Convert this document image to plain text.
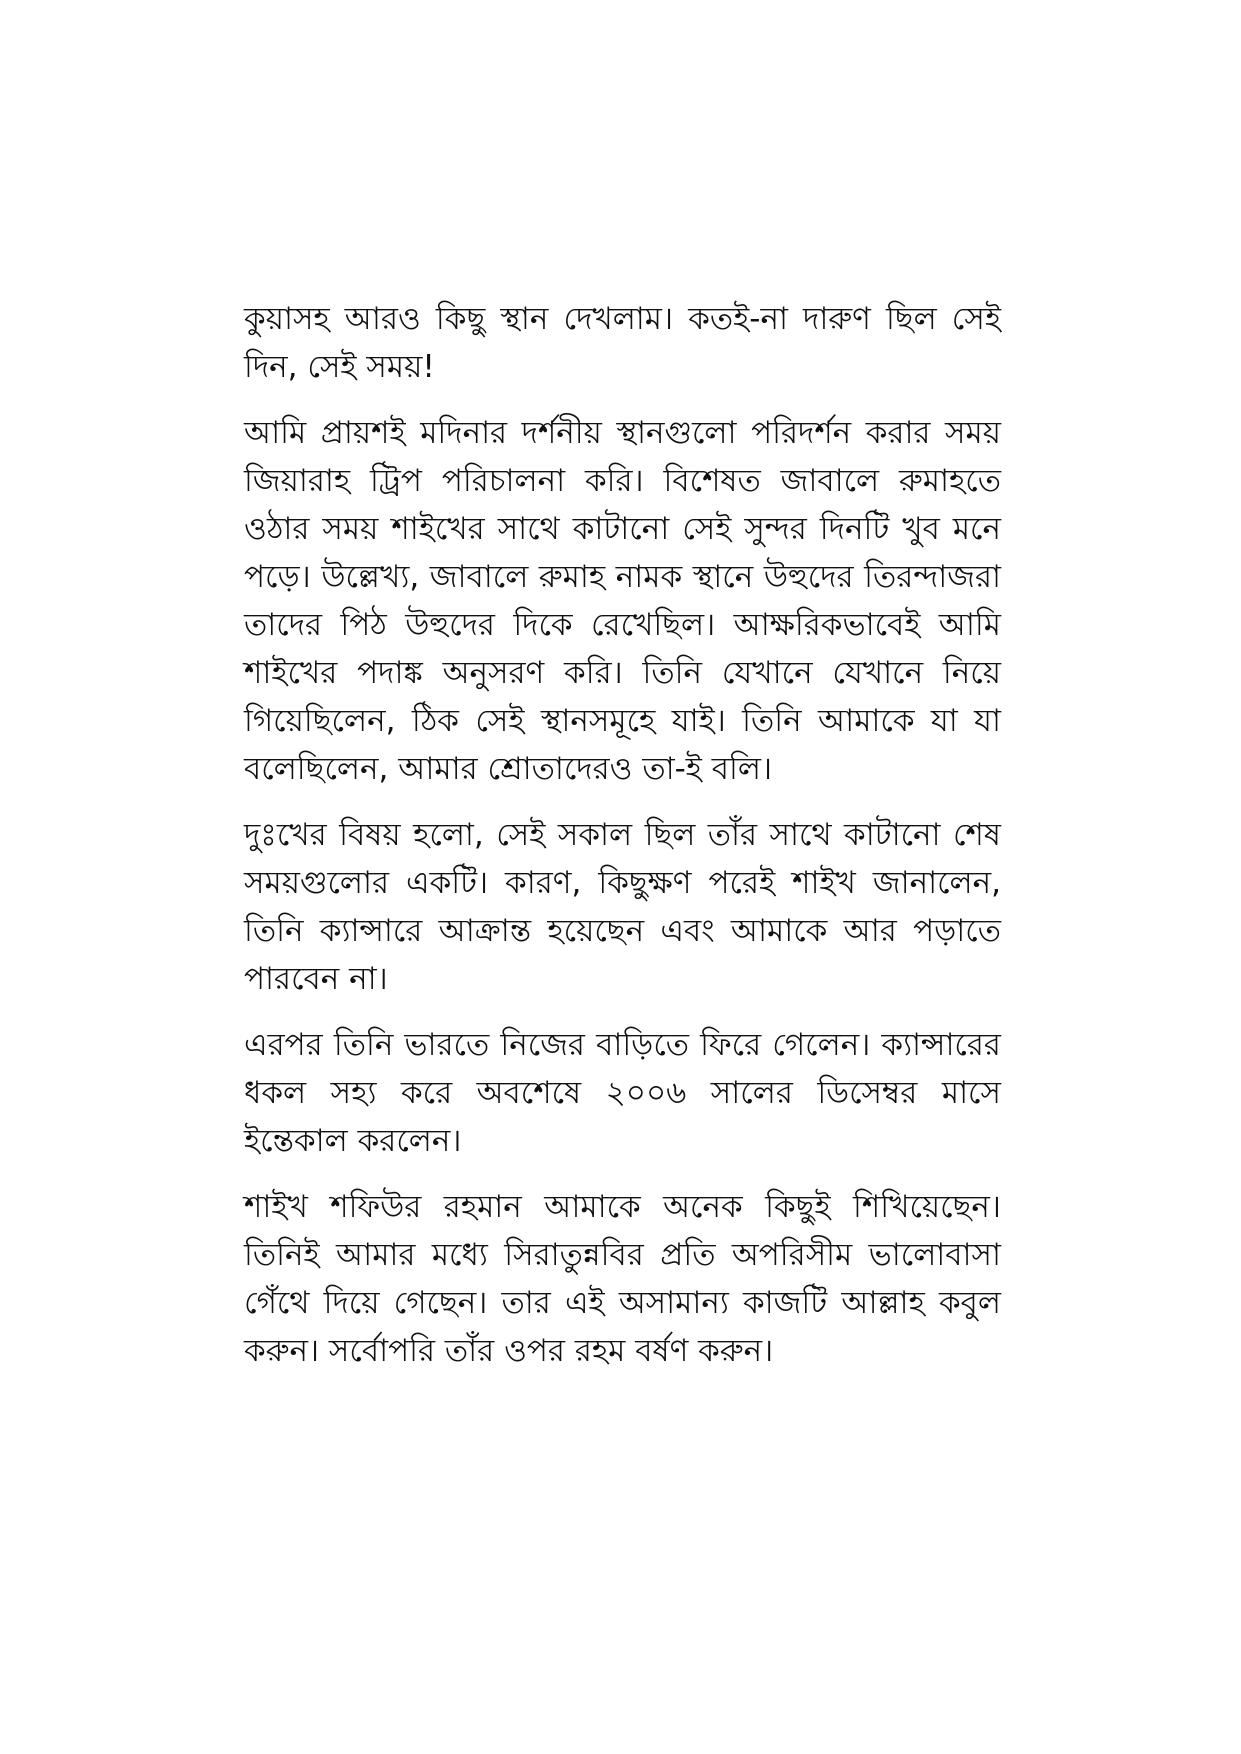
কুয়াসহ আরও কিছু স্থান দেখলাম। কতই-না দারুণ ছিল সেই দিন, সেই সময়!

আমি প্রায়শই মদিনার দর্শনীয় স্থানগুলো পরিদর্শন করার সময় জিয়ারাহ ট্রিপ পরিচালনা করি। বিশেষত জাবালে রুমাহতে ওঠার সময় শাইখের সাথে কাটানো সেই সুন্দর দিনটি খুব মনে পড়ে। উল্লেখ্য, জাবালে রুমাহ নামক স্থানে উহুদের তিরন্দাজরা তাদের পিঠ উহুদের দিকে রেখেছিল। আক্ষরিকভাবেই আমি শাইখের পদাঙ্ক অনুসরণ করি। তিনি যেখানে যেখানে নিয়ে গিয়েছিলেন, ঠিক সেই স্থানসমূহে যাই। তিনি আমাকে যা যা বলেছিলেন, আমার শ্রোতাদেরও তা-ই বলি।

দুঃখের বিষয় হলো, সেই সকাল ছিল তাঁর সাথে কাটানো শেষ সময়গুলোর একটি। কারণ, কিছুক্ষণ পরেই শাইখ জানালেন, তিনি ক্যান্সারে আক্রান্ত হয়েছেন এবং আমাকে আর পড়াতে পারবেন না।

এরপর তিনি ভারতে নিজের বাড়িতে ফিরে গেলেন। ক্যান্সারের ধকল সহ্য করে অবশেষে ২০০৬ সালের ডিসেম্বর মাসে ইন্তেকাল করলেন।

শাইখ শফিউর রহমান আমাকে অনেক কিছুই শিখিয়েছেন। তিনিই আমার মধ্যে সিরাতুন্নবির প্রতি অপরিসীম ভালোবাসা গেঁথে দিয়ে গেছেন। তার এই অসামান্য কাজটি আল্লাহ কবুল করুন। সর্বোপরি তাঁর ওপর রহম বর্ষণ করুন।
